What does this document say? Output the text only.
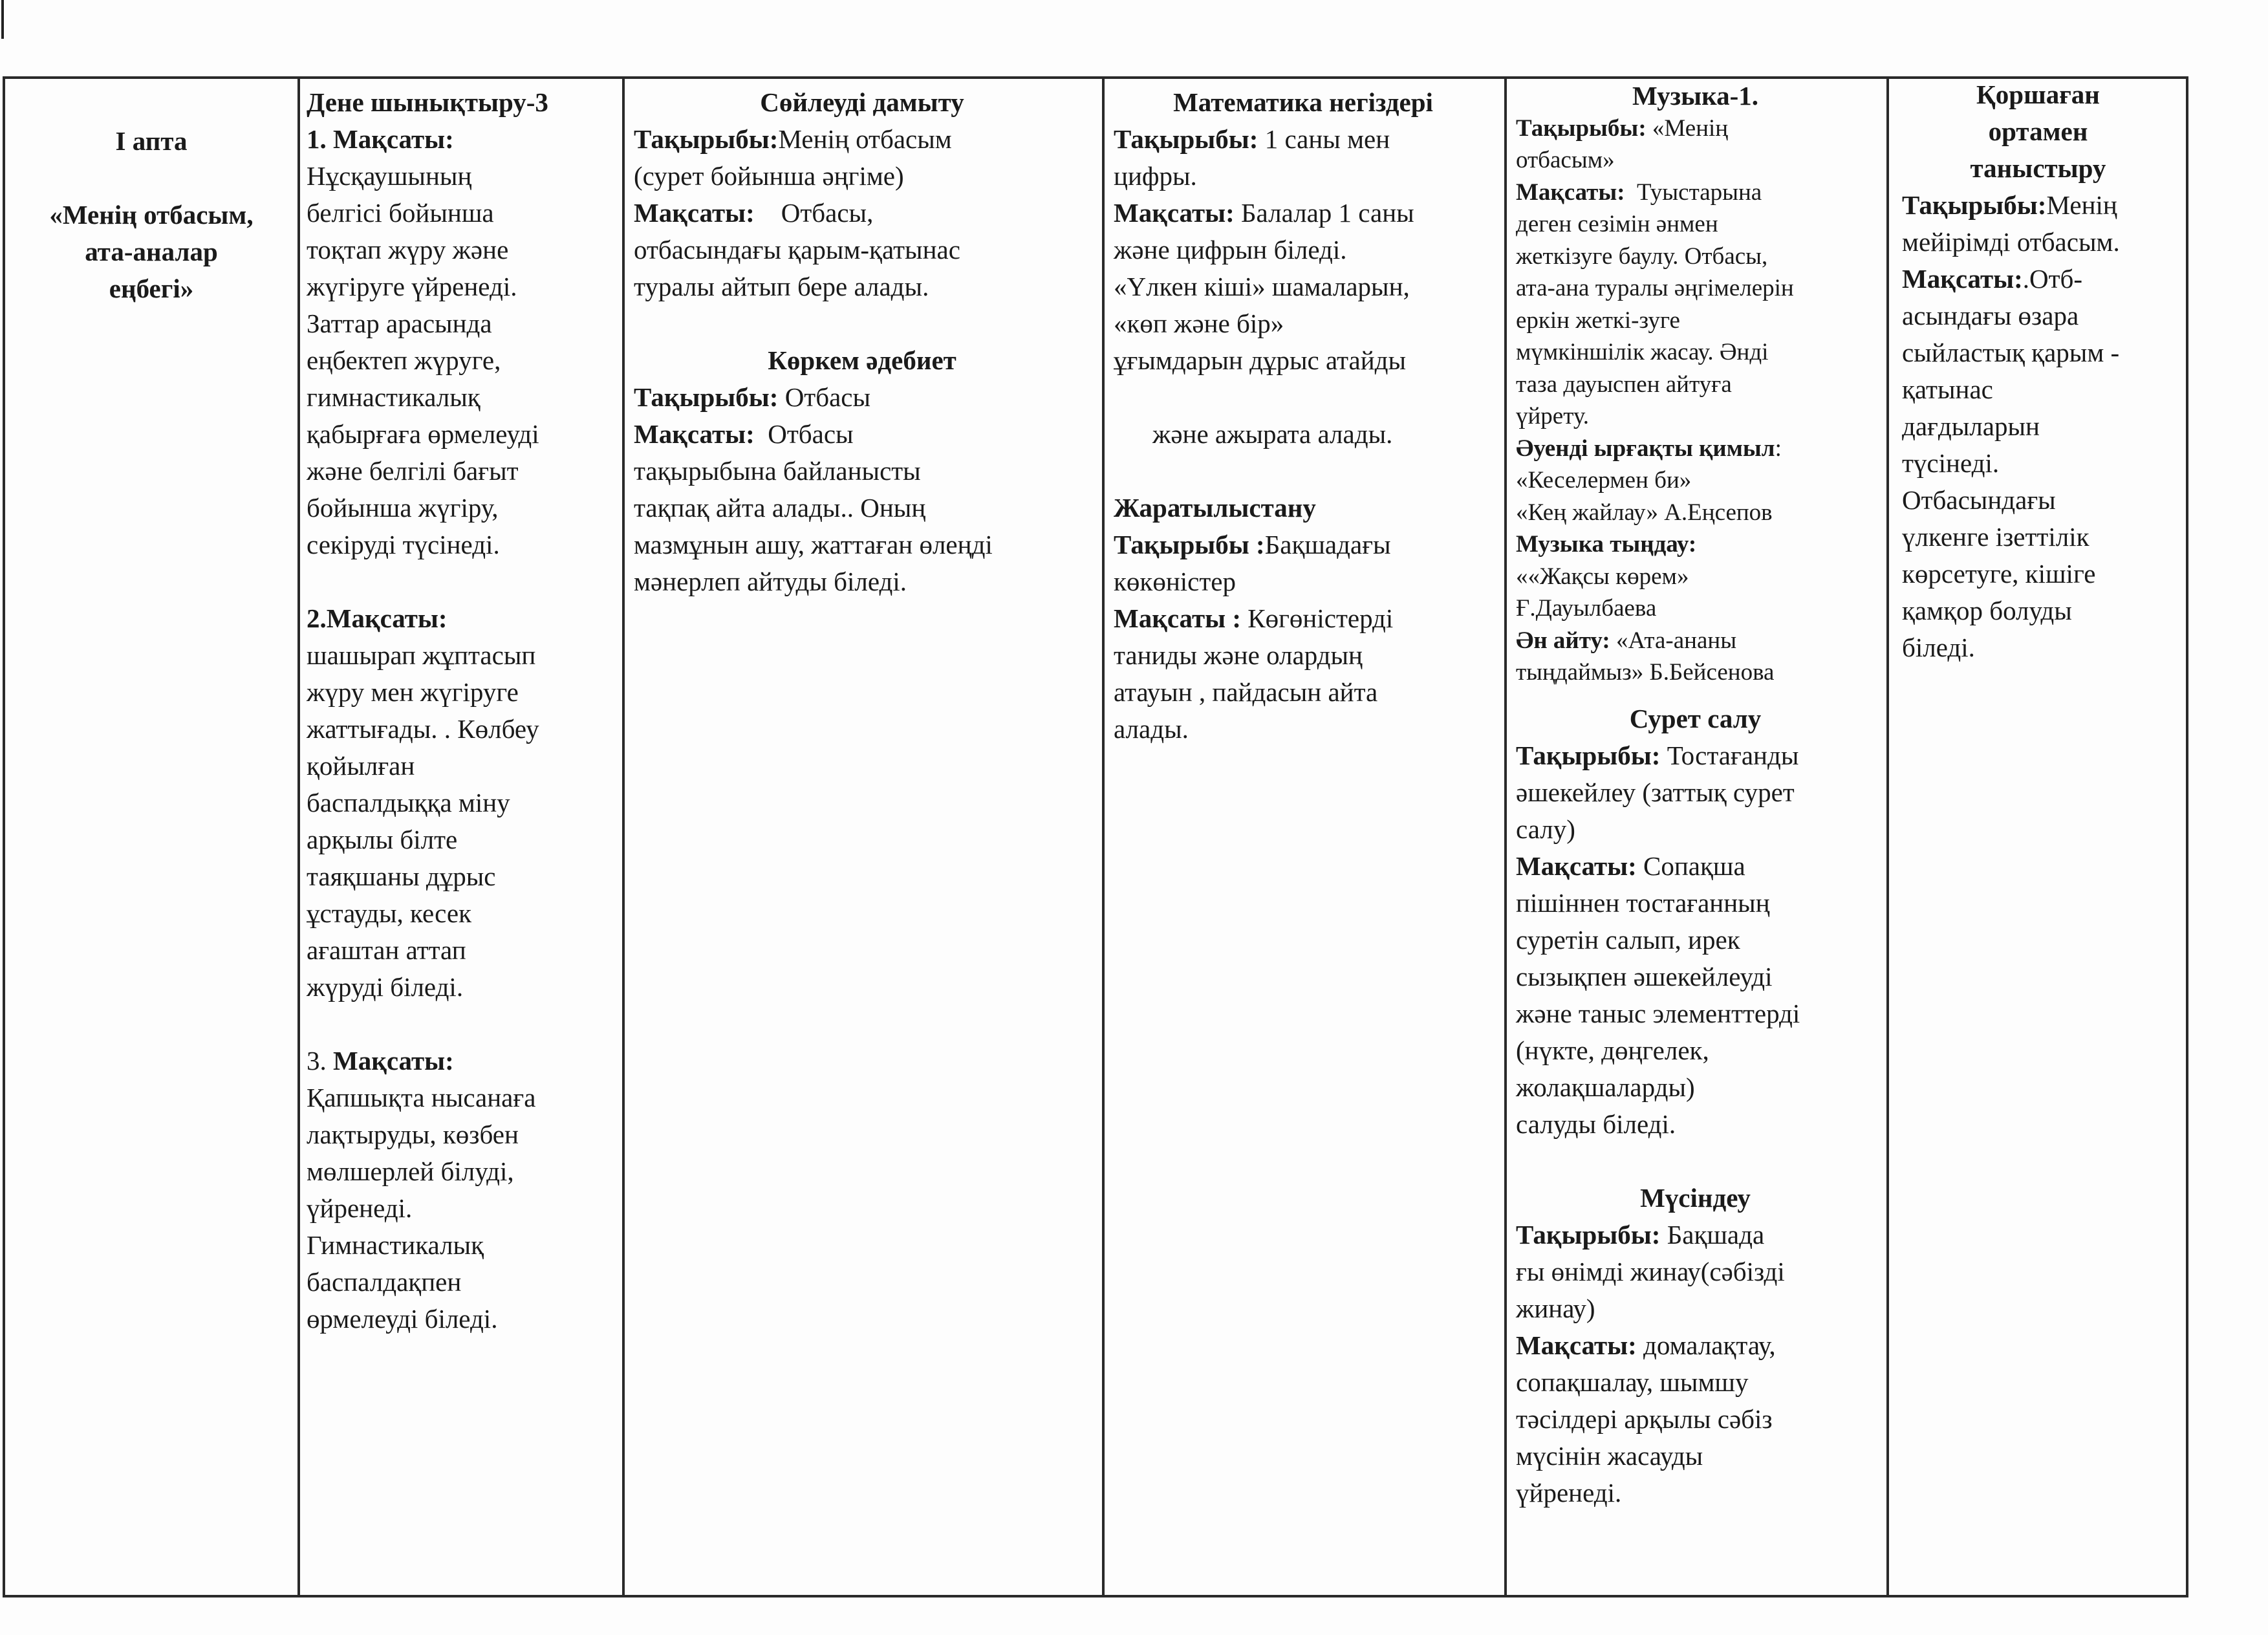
I апта
«Менің отбасым,
ата-аналар
еңбегі»
Дене шынықтыру-3
1. Мақсаты:
Нұсқаушының
белгісі бойынша
тоқтап жүру және
жүгіруге үйренеді.
Заттар арасында
еңбектеп жүруге,
гимнастикалық
қабырғаға өрмелеуді
және белгілі бағыт
бойынша жүгіру,
секіруді түсінеді.
2.Мақсаты:
шашырап жұптасып
жүру мен жүгіруге
жаттығады. . Көлбеу
қойылған
баспалдыққа міну
арқылы білте
таяқшаны дұрыс
ұстауды, кесек
ағаштан аттап
жүруді біледі.
3. Мақсаты:
Қапшықта нысанаға
лақтыруды, көзбен
мөлшерлей білуді,
үйренеді.
Гимнастикалық
баспалдақпен
өрмелеуді біледі.
Сөйлеуді дамыту
Тақырыбы:Менің отбасым
(сурет бойынша әңгіме)
Мақсаты: Отбасы,
отбасындағы қарым-қатынас
туралы айтып бере алады.
Көркем әдебиет
Тақырыбы: Отбасы
Мақсаты: Отбасы
тақырыбына байланысты
тақпақ айта алады.. Оның
мазмұнын ашу, жаттаған өлеңді
мәнерлеп айтуды біледі.
Математика негіздері
Тақырыбы: 1 саны мен
цифры.
Мақсаты: Балалар 1 саны
және цифрын біледі.
«Үлкен кіші» шамаларын,
«көп және бір»
ұғымдарын дұрыс атайды
және ажырата алады.
Жаратылыстану
Тақырыбы :Бақшадағы
көкөністер
Мақсаты : Көгөністерді
таниды және олардың
атауын , пайдасын айта
алады.
Музыка-1.
Тақырыбы: «Менің
отбасым»
Мақсаты: Туыстарына
деген сезімін әнмен
жеткізуге баулу. Отбасы,
ата-ана туралы әңгімелерін
еркін жеткі-зуге
мүмкіншілік жасау. Әнді
таза дауыспен айтуға
үйрету.
Әуенді ырғақты қимыл:
«Кеселермен би»
«Кең жайлау» А.Еңсепов
Музыка тыңдау:
««Жақсы көрем»
Ғ.Дауылбаева
Ән айту: «Ата-ананы
тыңдаймыз» Б.Бейсенова
Сурет салу
Тақырыбы: Тостағанды
әшекейлеу (заттық сурет
салу)
Мақсаты: Сопақша
пішіннен тостағанның
суретін салып, ирек
сызықпен әшекейлеуді
және таныс элементтерді
(нүкте, дөңгелек,
жолақшаларды)
салуды біледі.
Мүсіндеу
Тақырыбы: Бақшада
ғы өнімді жинау(сәбізді
жинау)
Мақсаты: домалақтау,
сопақшалау, шымшу
тәсілдері арқылы сәбіз
мүсінін жасауды
үйренеді.
Қоршаған
ортамен
таныстыру
Тақырыбы:Менің
мейірімді отбасым.
Мақсаты:.Отб-
асындағы өзара
сыйластық қарым -
қатынас
дағдыларын
түсінеді.
Отбасындағы
үлкенге ізеттілік
көрсетуге, кішіге
қамқор болуды
біледі.
